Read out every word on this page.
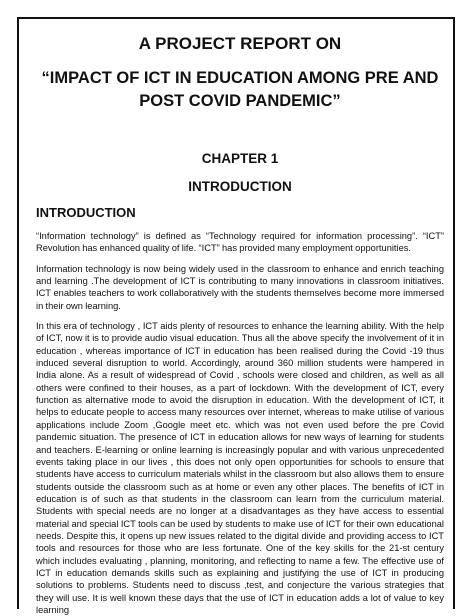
A PROJECT REPORT ON
“IMPACT OF ICT IN EDUCATION AMONG PRE AND POST COVID PANDEMIC”
CHAPTER 1
INTRODUCTION
INTRODUCTION

“Information technology” is defined as “Technology required for information processing”. “ICT” Revolution has enhanced quality of life. “ICT” has provided many employment opportunities.

Information technology is now being widely used in the classroom to enhance and enrich teaching and learning .The development of ICT is contributing to many innovations in classroom initiatives. ICT enables teachers to work collaboratively with the students themselves become more immersed in their own learning.

In this era of technology , ICT aids plenty of resources to enhance the learning ability. With the help of ICT, now it is to provide audio visual education. Thus all the above specify the involvement of it in education , whereas importance of ICT in education has been realised during the Covid -19 thus induced several disruption to world. Accordingly, around 360 million students were hampered in India alone. As a result of widespread of Covid , schools were closed and children, as well as all others were confined to their houses, as a part of lockdown. With the development of ICT, every function as alternative mode to avoid the disruption in education. With the development of ICT, it helps to educate people to access many resources over internet, whereas to make utilise of various applications include Zoom ,Google meet etc. which was not even used before the pre Covid pandemic situation. The presence of ICT in education allows for new ways of learning for students and teachers. E-learning or online learning is increasingly popular and with various unprecedented events taking place in our lives , this does not only open opportunities for schools to ensure that students have access to curriculum materials whilst in the classroom but also allows them to ensure students outside the classroom such as at home or even any other places. The benefits of ICT in education is of such as that students in the classroom can learn from the curriculum material. Students with special needs are no longer at a disadvantages as they have access to essential material and special ICT tools can be used by students to make use of ICT for their own educational needs. Despite this, it opens up new issues related to the digital divide and providing access to ICT tools and resources for those who are less fortunate. One of the key skills for the 21-st century which includes evaluating , planning, monitoring, and reflecting to name a few. The effective use of ICT in education demands skills such as explaining and justifying the use of ICT in producing solutions to problems. Students need to discuss ,test, and conjecture the various strategies that they will use. It is well known these days that the use of ICT in education adds a lot of value to key learning
